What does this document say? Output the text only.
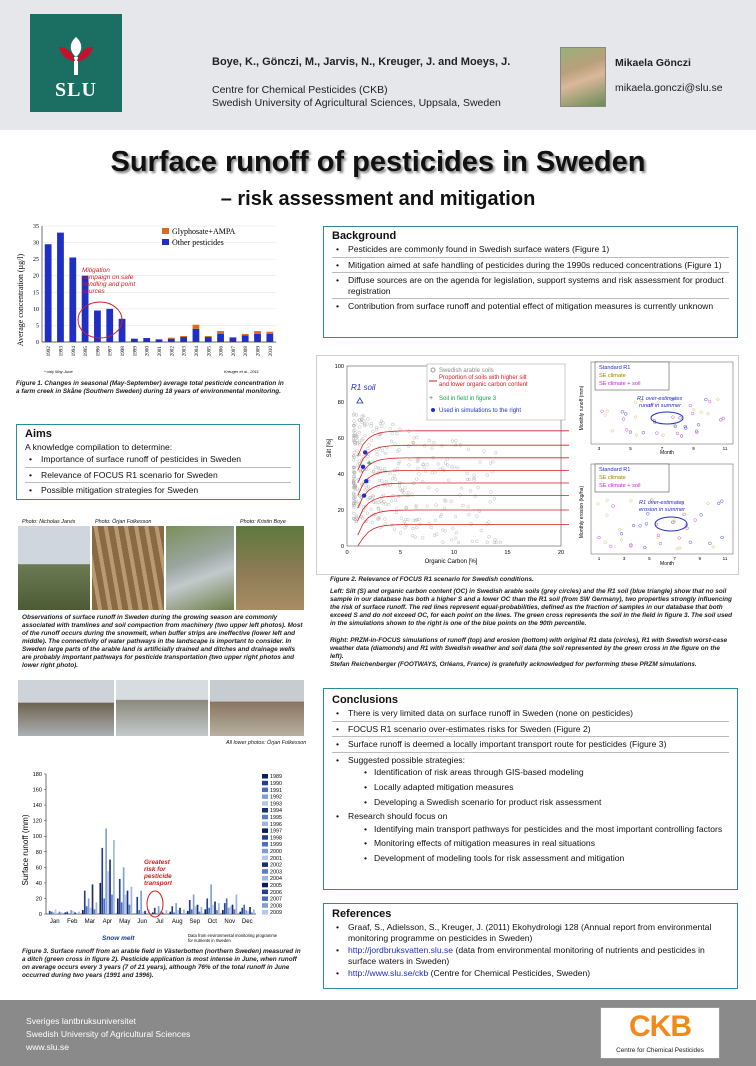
SLU
Boye, K., Gönczi, M., Jarvis, N., Kreuger, J. and Moeys, J.
Centre for Chemical Pesticides (CKB)
Swedish University of Agricultural Sciences, Uppsala, Sweden
Mikaela Gönczi
mikaela.gonczi@slu.se
Surface runoff of pesticides in Sweden
– risk assessment and mitigation
Average concentration (µg/l) 0
5
10
15
20
25
30
35
1992 1993 1994 1995 1996 1997 1998 1999 2000 2001 2002 2003 2004 2005 2006 2007 2008 2009 2010
Glyphosate+AMPA
Other pesticides
Mitigation campaign on safe handling and point sources
* only May-June	Kreuger et al., 2011
Figure 1. Changes in seasonal (May-September) average total pesticide concentration in a farm creek in Skåne (Southern Sweden) during 18 years of environmental monitoring.
Background
• Pesticides are commonly found in Swedish surface waters (Figure 1)
• Mitigation aimed at safe handling of pesticides during the 1990s reduced concentrations (Figure 1)
• Diffuse sources are on the agenda for legislation, support systems and risk assessment for product registration
• Contribution from surface runoff and potential effect of mitigation measures is currently unknown
Aims
A knowledge compilation to determine:
• Importance of surface runoff of pesticides in Sweden
• Relevance of FOCUS R1 scenario for Sweden
• Possible mitigation strategies for Sweden
Photo: Nicholas Jarvis	Photo: Örjan Folkesson	Photo: Kristin Boye
Observations of surface runoff in Sweden during the growing season are commonly associated with tramlines and soil compaction from machinery (two upper left photos). Most of the runoff occurs during the snowmelt, when buffer strips are ineffective (lower left and middle). The connectivity of water pathways in the landscape is important to consider. In Sweden large parts of the arable land is artificially drained and ditches and drainage wells are probably important pathways for pesticide transportation (two upper right photos and lower right photo).
All lower photos: Örjan Folkesson
Surface runoff (mm)
0
20
40
60
80
100
120
140
160
180
Jan Feb Mar Apr May Jun Jul Aug Sep Oct Nov Dec
1989
1990
1991
1992
1993
1994
1995
1996
1997
1998
1999
2000
2001
2002
2003
2004
2005
2006
2007
2008
2009
Greatest risk for pesticide transport
Snow melt	Data from environmental monitoring programme for nutrients in Sweden
Figure 3. Surface runoff from an arable field in Västerbotten (northern Sweden) measured in a ditch (green cross in figure 2). Pesticide application is most intense in June, when runoff on average occurs every 3 years (7 of 21 years), although 76% of the total runoff in June occurred during two years (1991 and 1996).
Silt [%]
Organic Carbon [%]
0	5	10	15	20
0
20
40
60
80
100
+
Swedish arable soils
Proportion of soils with higher silt and lower organic carbon content
+ Soil in field in figure 3
Used in simulations to the right
R1 soil	Monthly runoff (mm)
3	5	7	9	11
Standard R1
SE climate
SE climate + soil
R1 over-estimates runoff in summer
Month
Monthly erosion (kg/ha)
1	3	5	7	9	11
Standard R1
SE climate
SE climate + soil
R1 over-estimates erosion in summer
Month
Figure 2. Relevance of FOCUS R1 scenario for Swedish conditions.
Left: Silt (S) and organic carbon content (OC) in Swedish arable soils (grey circles) and the R1 soil (blue triangle) show that no soil sample in our database has both a higher S and a lower OC than the R1 soil (from SW Germany), two properties strongly influencing the risk of surface runoff. The red lines represent equal-probabilities, defined as the fraction of samples in our database that both exceed S and do not exceed OC, for each point on the lines. The green cross represents the soil in the field in figure 3. The soil used in the simulations shown to the right is one of the blue points on the 90th percentile.
Right: PRZM-in-FOCUS simulations of runoff (top) and erosion (bottom) with original R1 data (circles), R1 with Swedish worst-case weather data (diamonds) and R1 with Swedish weather and soil data (the soil represented by the green cross in the figure on the left).
Stefan Reichenberger (FOOTWAYS, Orléans, France) is gratefully acknowledged for performing these PRZM simulations.
Conclusions
• There is very limited data on surface runoff in Sweden (none on pesticides)
• FOCUS R1 scenario over-estimates risks for Sweden (Figure 2)
• Surface runoff is deemed a locally important transport route for pesticides (Figure 3)
• Suggested possible strategies:
• Identification of risk areas through GIS-based modeling
• Locally adapted mitigation measures
• Developing a Swedish scenario for product risk assessment
• Research should focus on
• Identifying main transport pathways for pesticides and the most important controlling factors
• Monitoring effects of mitigation measures in real situations
• Development of modeling tools for risk assessment and mitigation
References
• Graaf, S., Adielsson, S., Kreuger, J. (2011) Ekohydrologi 128 (Annual report from environmental monitoring programme on pesticides in Sweden)
• http://jordbruksvatten.slu.se (data from environmental monitoring of nutrients and pesticides in surface waters in Sweden)
• http://www.slu.se/ckb (Centre for Chemical Pesticides, Sweden)
Sveriges lantbruksuniversitet
Swedish University of Agricultural Sciences
www.slu.se
CKB
Centre for Chemical Pesticides
